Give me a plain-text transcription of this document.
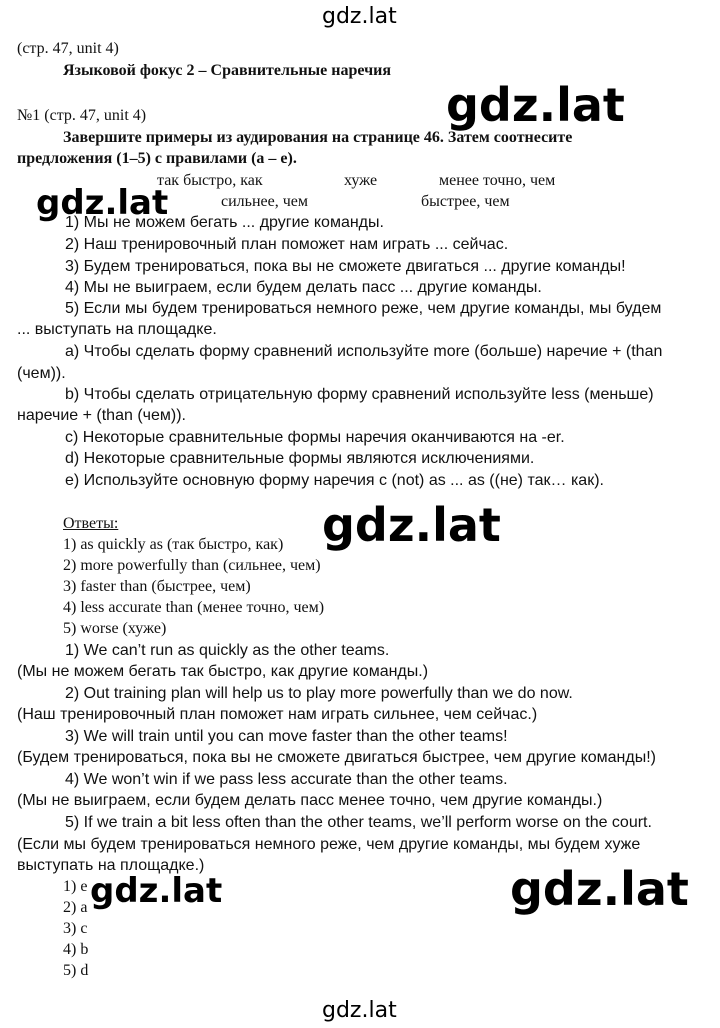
gdz.lat
gdz.lat
gdz.lat
gdz.lat
gdz.lat	gdz.lat
gdz.lat
(стр. 47, unit 4)
Языковой фокус 2 – Сравнительные наречия
№1 (стр. 47, unit 4)
Завершите примеры из аудирования на странице 46. Затем соотнесите
предложения (1–5) с правилами (a – e).
так быстро, как	хуже	менее точно, чем
сильнее, чем	быстрее, чем
1) Мы не можем бегать ... другие команды.
2) Наш тренировочный план поможет нам играть ... сейчас.
3) Будем тренироваться, пока вы не сможете двигаться ... другие команды!
4) Мы не выиграем, если будем делать пасс ... другие команды.
5) Если мы будем тренироваться немного реже, чем другие команды, мы будем
... выступать на площадке.
a) Чтобы сделать форму сравнений используйте more (больше) наречие + (than
(чем)).
b) Чтобы сделать отрицательную форму сравнений используйте less (меньше)
наречие + (than (чем)).
c) Некоторые сравнительные формы наречия оканчиваются на -er.
d) Некоторые сравнительные формы являются исключениями.
e) Используйте основную форму наречия с (not) as ... as ((не) так… как).
Ответы:
1) as quickly as (так быстро, как)
2) more powerfully than (сильнее, чем)
3) faster than (быстрее, чем)
4) less accurate than (менее точно, чем)
5) worse (хуже)
1) We can’t run as quickly as the other teams.
(Мы не можем бегать так быстро, как другие команды.)
2) Out training plan will help us to play more powerfully than we do now.
(Наш тренировочный план поможет нам играть сильнее, чем сейчас.)
3) We will train until you can move faster than the other teams!
(Будем тренироваться, пока вы не сможете двигаться быстрее, чем другие команды!)
4) We won’t win if we pass less accurate than the other teams.
(Мы не выиграем, если будем делать пасс менее точно, чем другие команды.)
5) If we train a bit less often than the other teams, we’ll perform worse on the court.
(Если мы будем тренироваться немного реже, чем другие команды, мы будем хуже
выступать на площадке.)
1) e
2) a
3) c
4) b
5) d
